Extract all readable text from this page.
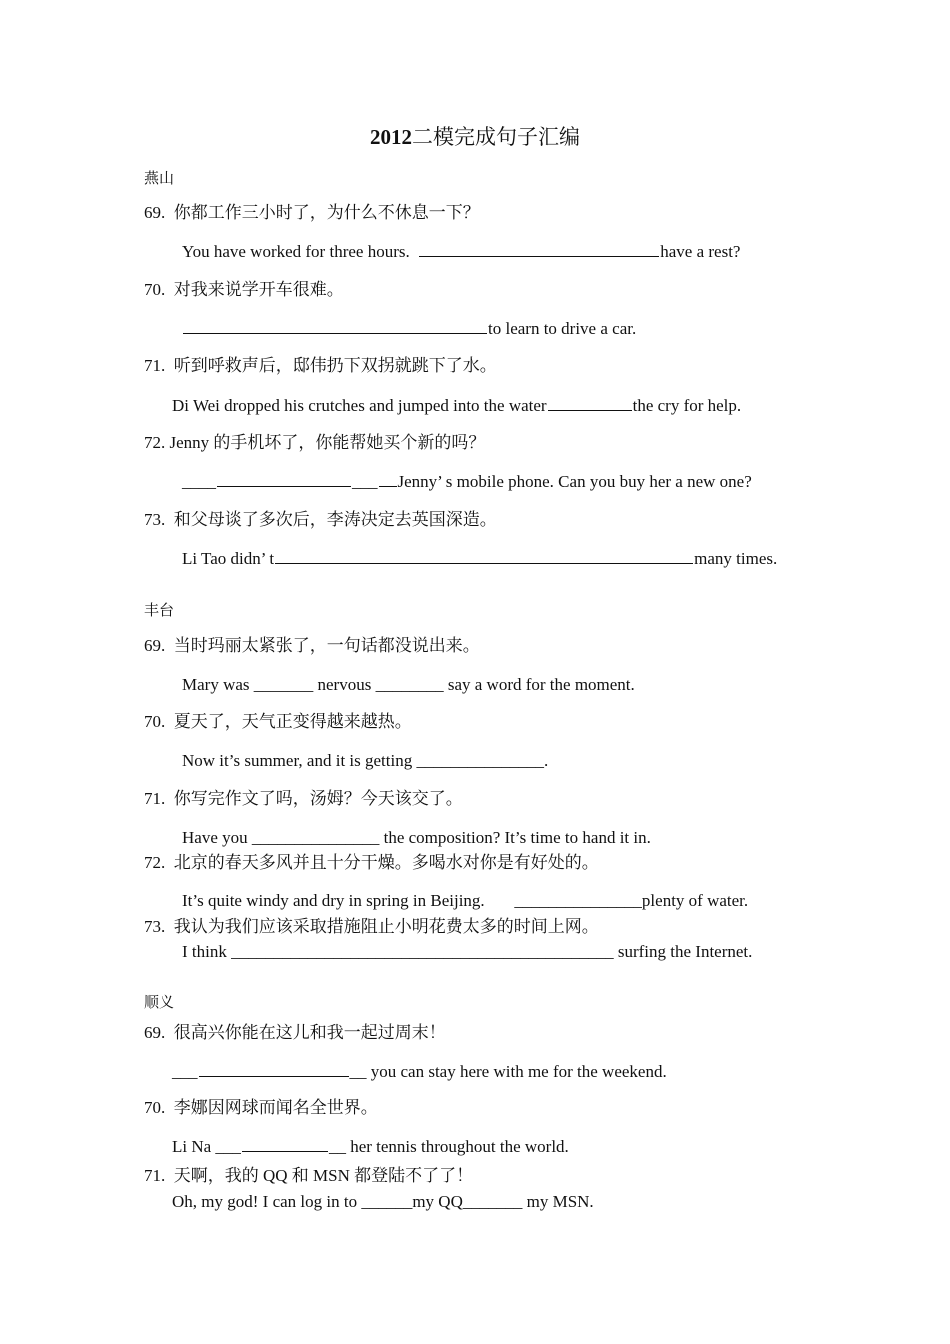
2012二模完成句子汇编
燕山
69. 你都工作三小时了，为什么不休息一下？
You have worked for three hours.	have a rest?
70. 对我来说学开车很难。
to learn to drive a car.
71. 听到呼救声后，邸伟扔下双拐就跳下了水。
Di Wei dropped his crutches and jumped into the water	the cry for help.
72. Jenny 的手机坏了，你能帮她买个新的吗？
____	___ Jenny’ s mobile phone. Can you buy her a new one?
73. 和父母谈了多次后，李涛决定去英国深造。
Li Tao didn’ t	many times.
丰台
69. 当时玛丽太紧张了，一句话都没说出来。
Mary was _______ nervous ________ say a word for the moment.
70. 夏天了，天气正变得越来越热。
Now it’s summer, and it is getting _______________.
71. 你写完作文了吗，汤姆？今天该交了。
Have you _______________ the composition? It’s time to hand it in.
72. 北京的春天多风并且十分干燥。多喝水对你是有好处的。
It’s quite windy and dry in spring in Beijing.       _______________plenty of water.
73. 我认为我们应该采取措施阻止小明花费太多的时间上网。
I think _____________________________________________ surfing the Internet.
顺义
69. 很高兴你能在这儿和我一起过周末！
___	__ you can stay here with me for the weekend.
70. 李娜因网球而闻名全世界。
Li Na ___	__ her tennis throughout the world.
71. 天啊，我的 QQ 和 MSN 都登陆不了了！
Oh, my god! I can log in to ______my QQ_______ my MSN.
